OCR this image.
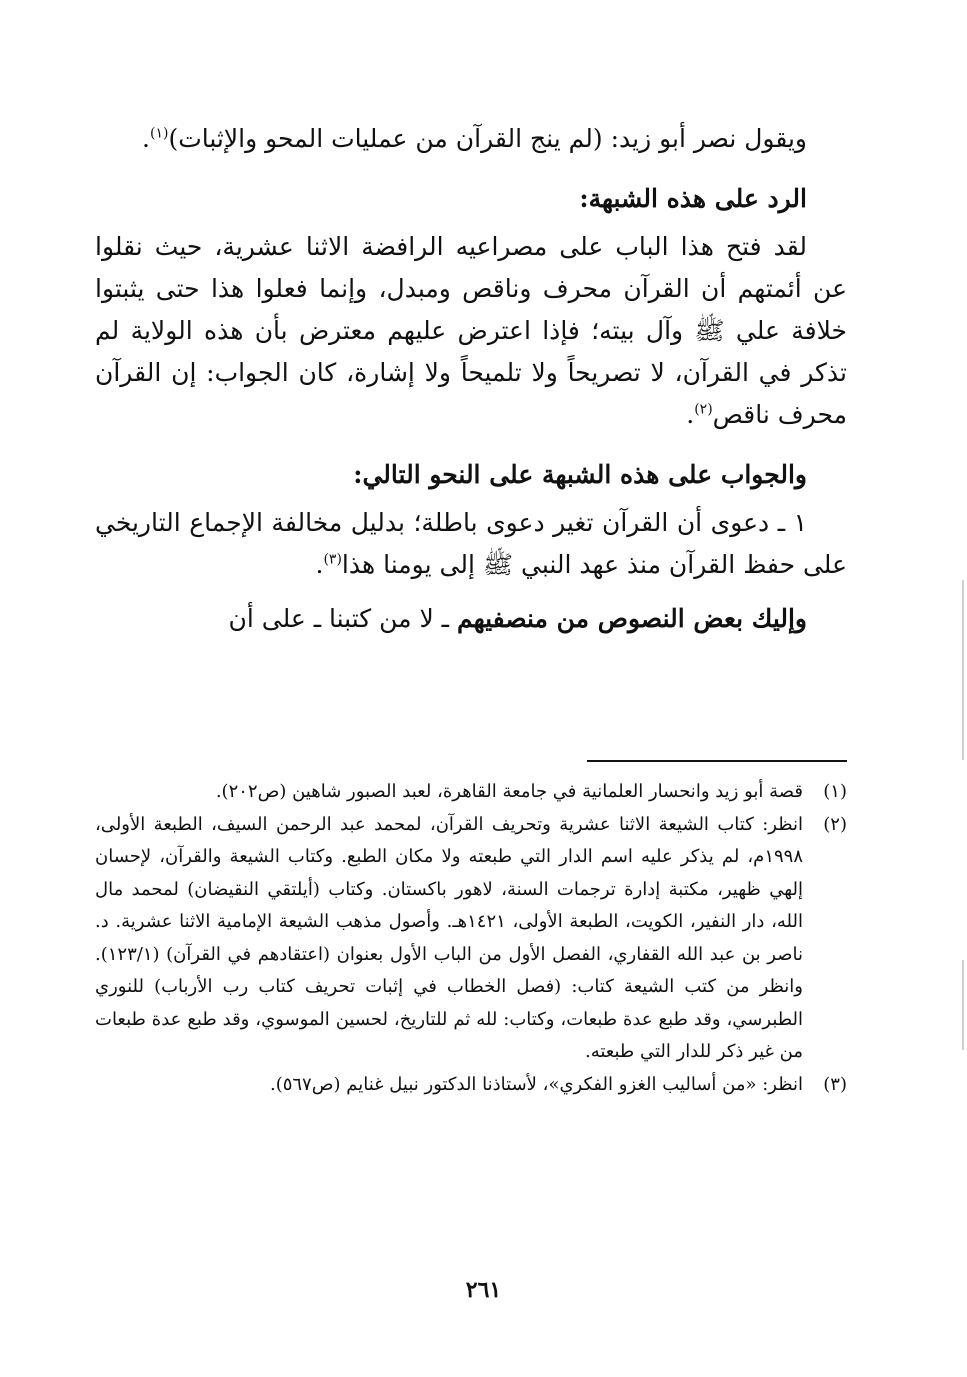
ويقول نصر أبو زيد: (لم ينج القرآن من عمليات المحو والإثبات)$^{(١)}$.

الرد على هذه الشبهة:

لقد فتح هذا الباب على مصراعيه الرافضة الاثنا عشرية، حيث نقلوا عن أئمتهم أن القرآن محرف وناقص ومبدل، وإنما فعلوا هذا حتى يثبتوا خلافة علي ﷺ وآل بيته؛ فإذا اعترض عليهم معترض بأن هذه الولاية لم تذكر في القرآن، لا تصريحاً ولا تلميحاً ولا إشارة، كان الجواب: إن القرآن محرف ناقص$^{(٢)}$.

والجواب على هذه الشبهة على النحو التالي:

١ ـ دعوى أن القرآن تغير دعوى باطلة؛ بدليل مخالفة الإجماع التاريخي على حفظ القرآن منذ عهد النبي ﷺ إلى يومنا هذا$^{(٣)}$.

وإليك بعض النصوص من منصفيهم ـ لا من كتبنا ـ على أن

(١)
قصة أبو زيد وانحسار العلمانية في جامعة القاهرة، لعبد الصبور شاهين (ص٢٠٢).
(٢)
انظر: كتاب الشيعة الاثنا عشرية وتحريف القرآن، لمحمد عبد الرحمن السيف، الطبعة الأولى، ١٩٩٨م، لم يذكر عليه اسم الدار التي طبعته ولا مكان الطبع. وكتاب الشيعة والقرآن، لإحسان إلهي ظهير، مكتبة إدارة ترجمات السنة، لاهور باكستان. وكتاب (أيلتقي النقيضان) لمحمد مال الله، دار النفير، الكويت، الطبعة الأولى، ١٤٢١هـ. وأصول مذهب الشيعة الإمامية الاثنا عشرية. د. ناصر بن عبد الله القفاري، الفصل الأول من الباب الأول بعنوان (اعتقادهم في القرآن) (١٢٣/١). وانظر من كتب الشيعة كتاب: (فصل الخطاب في إثبات تحريف كتاب رب الأرباب) للنوري الطبرسي، وقد طبع عدة طبعات، وكتاب: لله ثم للتاريخ، لحسين الموسوي، وقد طبع عدة طبعات من غير ذكر للدار التي طبعته.
(٣)
انظر: «من أساليب الغزو الفكري»، لأستاذنا الدكتور نبيل غنايم (ص٥٦٧).
٢٦١
